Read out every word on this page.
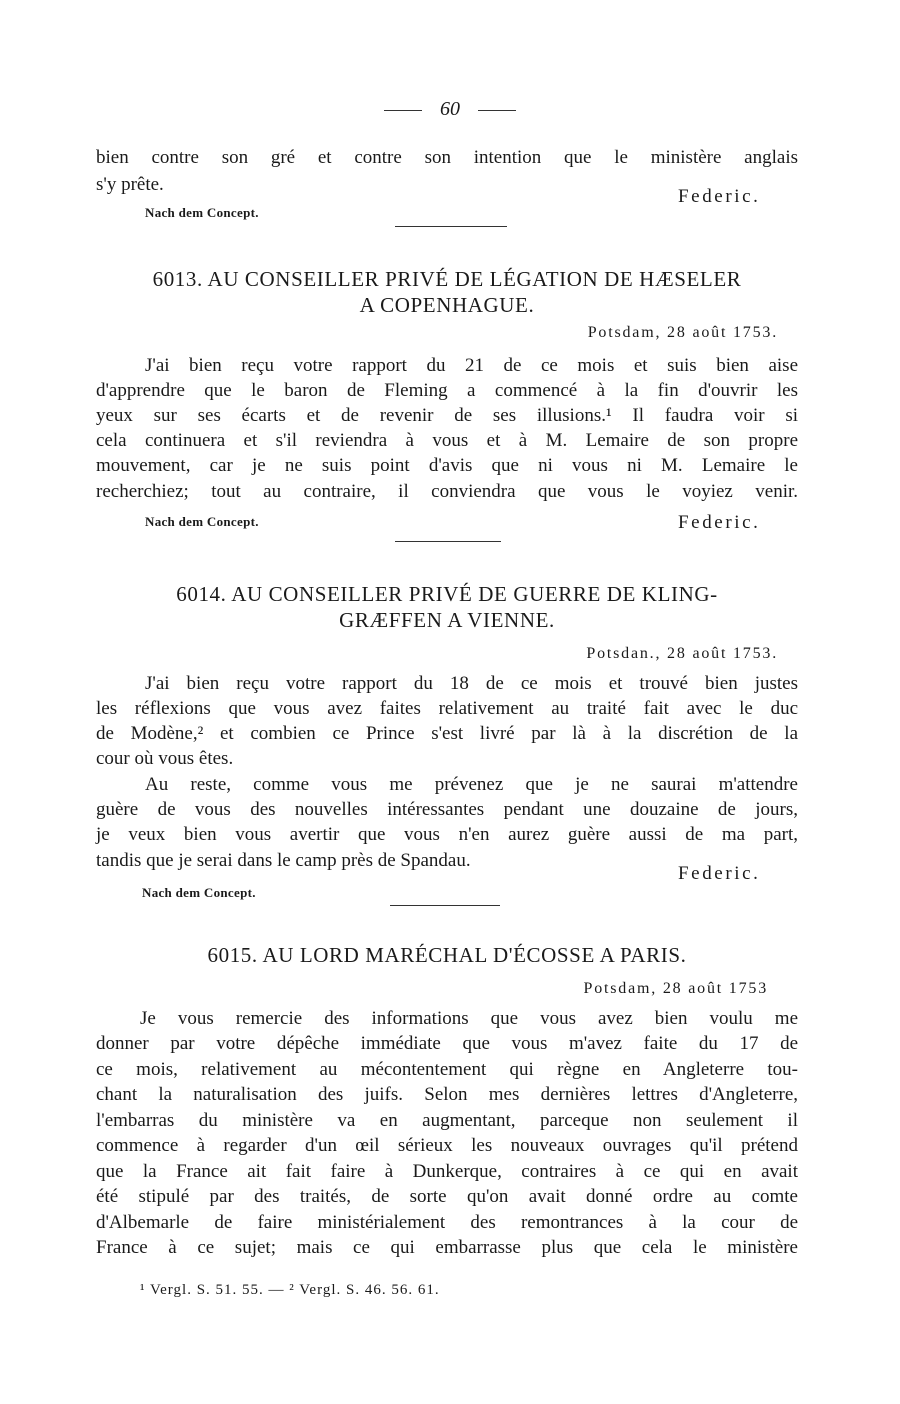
60
bien contre son gré et contre son intention que le ministère anglais
s'y prête.
Federic.
Nach dem Concept.
6013. AU CONSEILLER PRIVÉ DE LÉGATION DE HÆSELER
A COPENHAGUE.
Potsdam, 28 août 1753.
J'ai bien reçu votre rapport du 21 de ce mois et suis bien aise
d'apprendre que le baron de Fleming a commencé à la fin d'ouvrir les
yeux sur ses écarts et de revenir de ses illusions.¹ Il faudra voir si
cela continuera et s'il reviendra à vous et à M. Lemaire de son propre
mouvement, car je ne suis point d'avis que ni vous ni M. Lemaire le
recherchiez; tout au contraire, il conviendra que vous le voyiez venir.
Nach dem Concept.	Federic.
6014. AU CONSEILLER PRIVÉ DE GUERRE DE KLING-
GRÆFFEN A VIENNE.
Potsdan., 28 août 1753.
J'ai bien reçu votre rapport du 18 de ce mois et trouvé bien justes
les réflexions que vous avez faites relativement au traité fait avec le duc
de Modène,² et combien ce Prince s'est livré par là à la discrétion de la
cour où vous êtes.
Au reste, comme vous me prévenez que je ne saurai m'attendre
guère de vous des nouvelles intéressantes pendant une douzaine de jours,
je veux bien vous avertir que vous n'en aurez guère aussi de ma part,
tandis que je serai dans le camp près de Spandau.
Federic.
Nach dem Concept.
6015. AU LORD MARÉCHAL D'ÉCOSSE A PARIS.
Potsdam, 28 août 1753
Je vous remercie des informations que vous avez bien voulu me
donner par votre dépêche immédiate que vous m'avez faite du 17 de
ce mois, relativement au mécontentement qui règne en Angleterre tou-
chant la naturalisation des juifs. Selon mes dernières lettres d'Angleterre,
l'embarras du ministère va en augmentant, parceque non seulement il
commence à regarder d'un œil sérieux les nouveaux ouvrages qu'il prétend
que la France ait fait faire à Dunkerque, contraires à ce qui en avait
été stipulé par des traités, de sorte qu'on avait donné ordre au comte
d'Albemarle de faire ministérialement des remontrances à la cour de
France à ce sujet; mais ce qui embarrasse plus que cela le ministère
¹ Vergl. S. 51. 55. — ² Vergl. S. 46. 56. 61.
